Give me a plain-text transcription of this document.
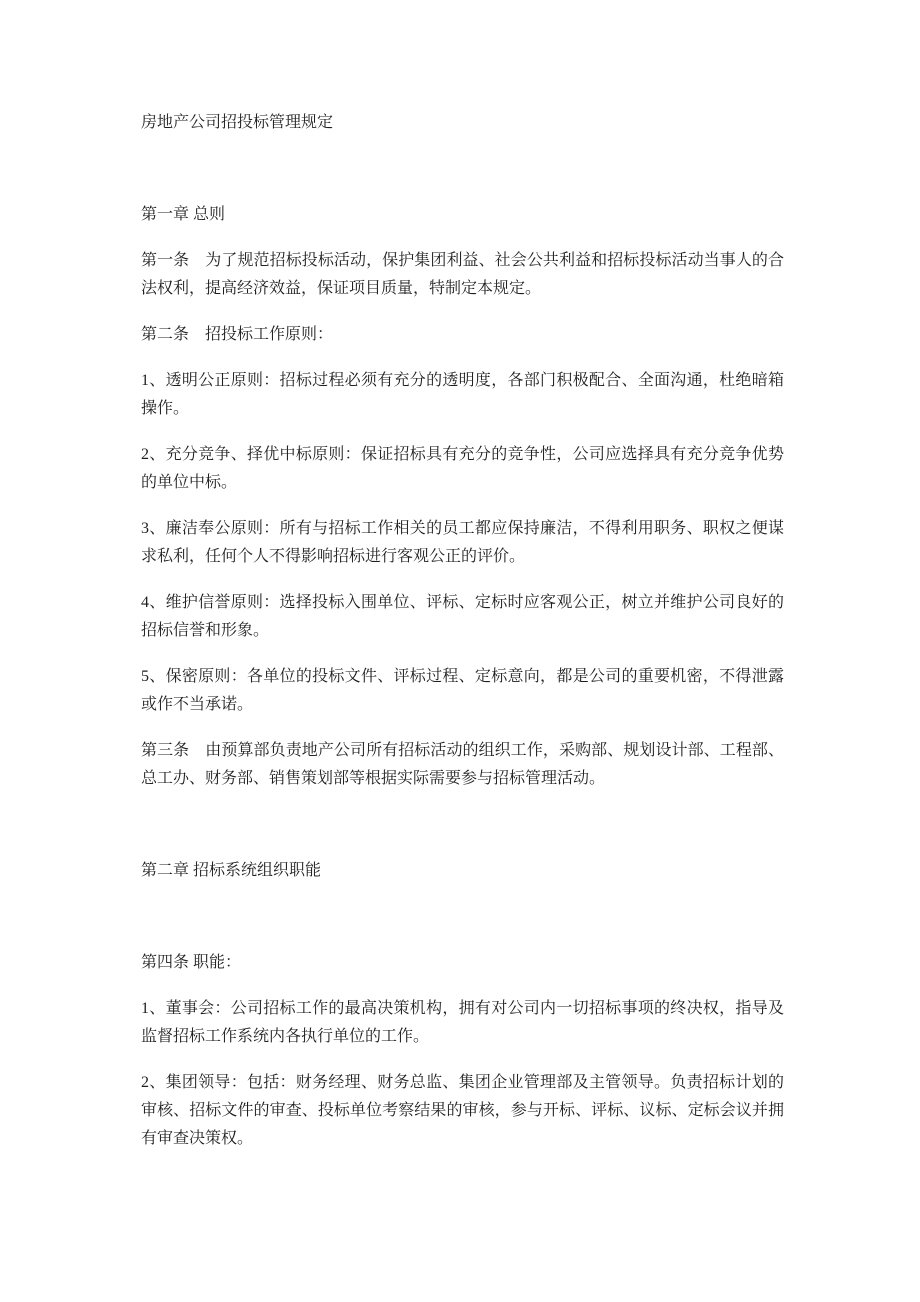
房地产公司招投标管理规定

第一章 总则

第一条　为了规范招标投标活动，保护集团利益、社会公共利益和招标投标活动当事人的合法权利，提高经济效益，保证项目质量，特制定本规定。

第二条　招投标工作原则：

1、透明公正原则：招标过程必须有充分的透明度，各部门积极配合、全面沟通，杜绝暗箱操作。

2、充分竞争、择优中标原则：保证招标具有充分的竞争性，公司应选择具有充分竞争优势的单位中标。

3、廉洁奉公原则：所有与招标工作相关的员工都应保持廉洁，不得利用职务、职权之便谋求私利，任何个人不得影响招标进行客观公正的评价。

4、维护信誉原则：选择投标入围单位、评标、定标时应客观公正，树立并维护公司良好的招标信誉和形象。

5、保密原则：各单位的投标文件、评标过程、定标意向，都是公司的重要机密，不得泄露或作不当承诺。

第三条　由预算部负责地产公司所有招标活动的组织工作，采购部、规划设计部、工程部、总工办、财务部、销售策划部等根据实际需要参与招标管理活动。

第二章 招标系统组织职能

第四条 职能：

1、董事会：公司招标工作的最高决策机构，拥有对公司内一切招标事项的终决权，指导及监督招标工作系统内各执行单位的工作。

2、集团领导：包括：财务经理、财务总监、集团企业管理部及主管领导。负责招标计划的审核、招标文件的审查、投标单位考察结果的审核，参与开标、评标、议标、定标会议并拥有审查决策权。
